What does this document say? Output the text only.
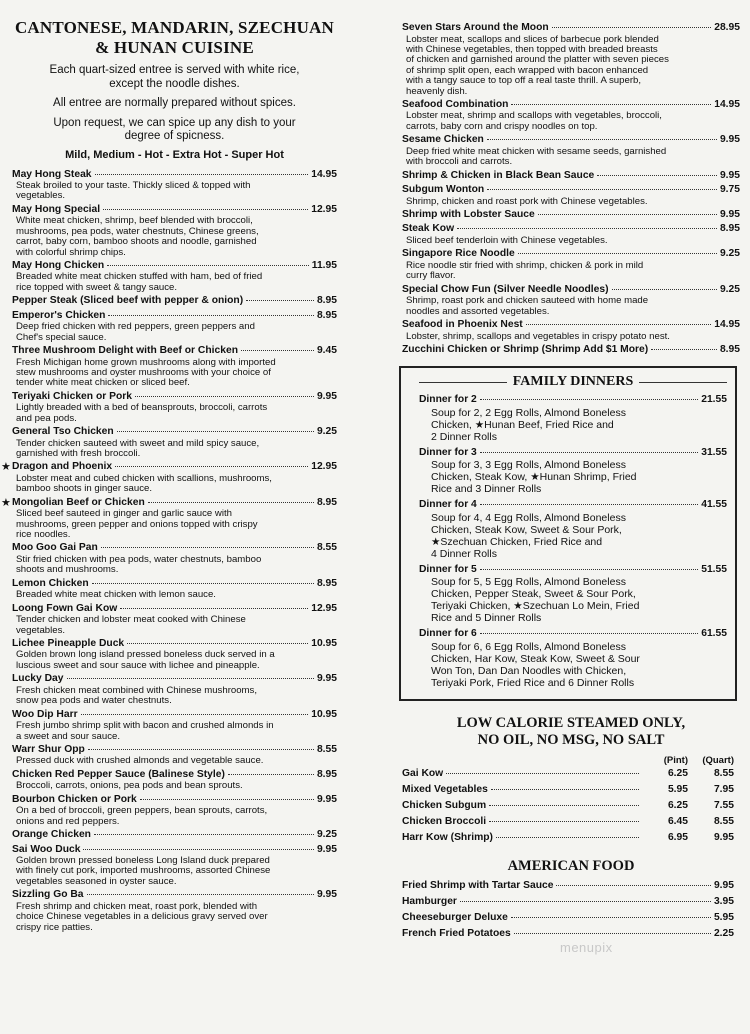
CANTONESE, MANDARIN, SZECHUAN
& HUNAN CUISINE
Each quart-sized entree is served with white rice,
except the noodle dishes.
All entree are normally prepared without spices.
Upon request, we can spice up any dish to your
degree of spicness.
Mild, Medium - Hot - Extra Hot - Super Hot
May Hong Steak	14.95
Steak broiled to your taste. Thickly sliced & topped with
vegetables.
May Hong Special	12.95
White meat chicken, shrimp, beef blended with broccoli,
mushrooms, pea pods, water chestnuts, Chinese greens,
carrot, baby corn, bamboo shoots and noodle, garnished
with colorful shrimp chips.
May Hong Chicken	11.95
Breaded white meat chicken stuffed with ham, bed of fried
rice topped with sweet & tangy sauce.
Pepper Steak (Sliced beef with pepper & onion)	8.95
Emperor's Chicken	8.95
Deep fried chicken with red peppers, green peppers and
Chef's special sauce.
Three Mushroom Delight with Beef or Chicken	9.45
Fresh Michigan home grown mushrooms along with imported
stew mushrooms and oyster mushrooms with your choice of
tender white meat chicken or sliced beef.
Teriyaki Chicken or Pork	9.95
Lightly breaded with a bed of beansprouts, broccoli, carrots
and pea pods.
General Tso Chicken	9.25
Tender chicken sauteed with sweet and mild spicy sauce,
garnished with fresh broccoli.
★ Dragon and Phoenix	12.95
Lobster meat and cubed chicken with scallions, mushrooms,
bamboo shoots in ginger sauce.
★ Mongolian Beef or Chicken	8.95
Sliced beef sauteed in ginger and garlic sauce with
mushrooms, green pepper and onions topped with crispy
rice noodles.
Moo Goo Gai Pan	8.55
Stir fried chicken with pea pods, water chestnuts, bamboo
shoots and mushrooms.
Lemon Chicken	8.95
Breaded white meat chicken with lemon sauce.
Loong Fown Gai Kow	12.95
Tender chicken and lobster meat cooked with Chinese
vegetables.
Lichee Pineapple Duck	10.95
Golden brown long island pressed boneless duck served in a
luscious sweet and sour sauce with lichee and pineapple.
Lucky Day	9.95
Fresh chicken meat combined with Chinese mushrooms,
snow pea pods and water chestnuts.
Woo Dip Harr	10.95
Fresh jumbo shrimp split with bacon and crushed almonds in
a sweet and sour sauce.
Warr Shur Opp	8.55
Pressed duck with crushed almonds and vegetable sauce.
Chicken Red Pepper Sauce (Balinese Style)	8.95
Broccoli, carrots, onions, pea pods and bean sprouts.
Bourbon Chicken or Pork	9.95
On a bed of broccoli, green peppers, bean sprouts, carrots,
onions and red peppers.
Orange Chicken	9.25
Sai Woo Duck	9.95
Golden brown pressed boneless Long Island duck prepared
with finely cut pork, imported mushrooms, assorted Chinese
vegetables seasoned in oyster sauce.
Sizzling Go Ba	9.95
Fresh shrimp and chicken meat, roast pork, blended with
choice Chinese vegetables in a delicious gravy served over
crispy rice patties.
Seven Stars Around the Moon	28.95
Lobster meat, scallops and slices of barbecue pork blended
with Chinese vegetables, then topped with breaded breasts
of chicken and garnished around the platter with seven pieces
of shrimp split open, each wrapped with bacon enhanced
with a tangy sauce to top off a real taste thrill. A superb,
heavenly dish.
Seafood Combination	14.95
Lobster meat, shrimp and scallops with vegetables, broccoli,
carrots, baby corn and crispy noodles on top.
Sesame Chicken	9.95
Deep fried white meat chicken with sesame seeds, garnished
with broccoli and carrots.
Shrimp & Chicken in Black Bean Sauce	9.95
Subgum Wonton	9.75
Shrimp, chicken and roast pork with Chinese vegetables.
Shrimp with Lobster Sauce	9.95
Steak Kow	8.95
Sliced beef tenderloin with Chinese vegetables.
Singapore Rice Noodle	9.25
Rice noodle stir fried with shrimp, chicken & pork in mild
curry flavor.
Special Chow Fun (Silver Needle Noodles)	9.25
Shrimp, roast pork and chicken sauteed with home made
noodles and assorted vegetables.
Seafood in Phoenix Nest	14.95
Lobster, shrimp, scallops and vegetables in crispy potato nest.
Zucchini Chicken or Shrimp (Shrimp Add $1 More)	8.95
FAMILY DINNERS
Dinner for 2	21.55
Soup for 2, 2 Egg Rolls, Almond Boneless
Chicken, ★Hunan Beef, Fried Rice and
2 Dinner Rolls
Dinner for 3	31.55
Soup for 3, 3 Egg Rolls, Almond Boneless
Chicken, Steak Kow, ★Hunan Shrimp, Fried
Rice and 3 Dinner Rolls
Dinner for 4	41.55
Soup for 4, 4 Egg Rolls, Almond Boneless
Chicken, Steak Kow, Sweet & Sour Pork,
★Szechuan Chicken, Fried Rice and
4 Dinner Rolls
Dinner for 5	51.55
Soup for 5, 5 Egg Rolls, Almond Boneless
Chicken, Pepper Steak, Sweet & Sour Pork,
Teriyaki Chicken, ★Szechuan Lo Mein, Fried
Rice and 5 Dinner Rolls
Dinner for 6	61.55
Soup for 6, 6 Egg Rolls, Almond Boneless
Chicken, Har Kow, Steak Kow, Sweet & Sour
Won Ton, Dan Dan Noodles with Chicken,
Teriyaki Pork, Fried Rice and 6 Dinner Rolls
LOW CALORIE STEAMED ONLY,
NO OIL, NO MSG, NO SALT
(Pint)	(Quart)
Gai Kow	6.25	8.55
Mixed Vegetables	5.95	7.95
Chicken Subgum	6.25	7.55
Chicken Broccoli	6.45	8.55
Harr Kow (Shrimp)	6.95	9.95
AMERICAN FOOD
Fried Shrimp with Tartar Sauce	9.95
Hamburger	3.95
Cheeseburger Deluxe	5.95
French Fried Potatoes	2.25
menupix
